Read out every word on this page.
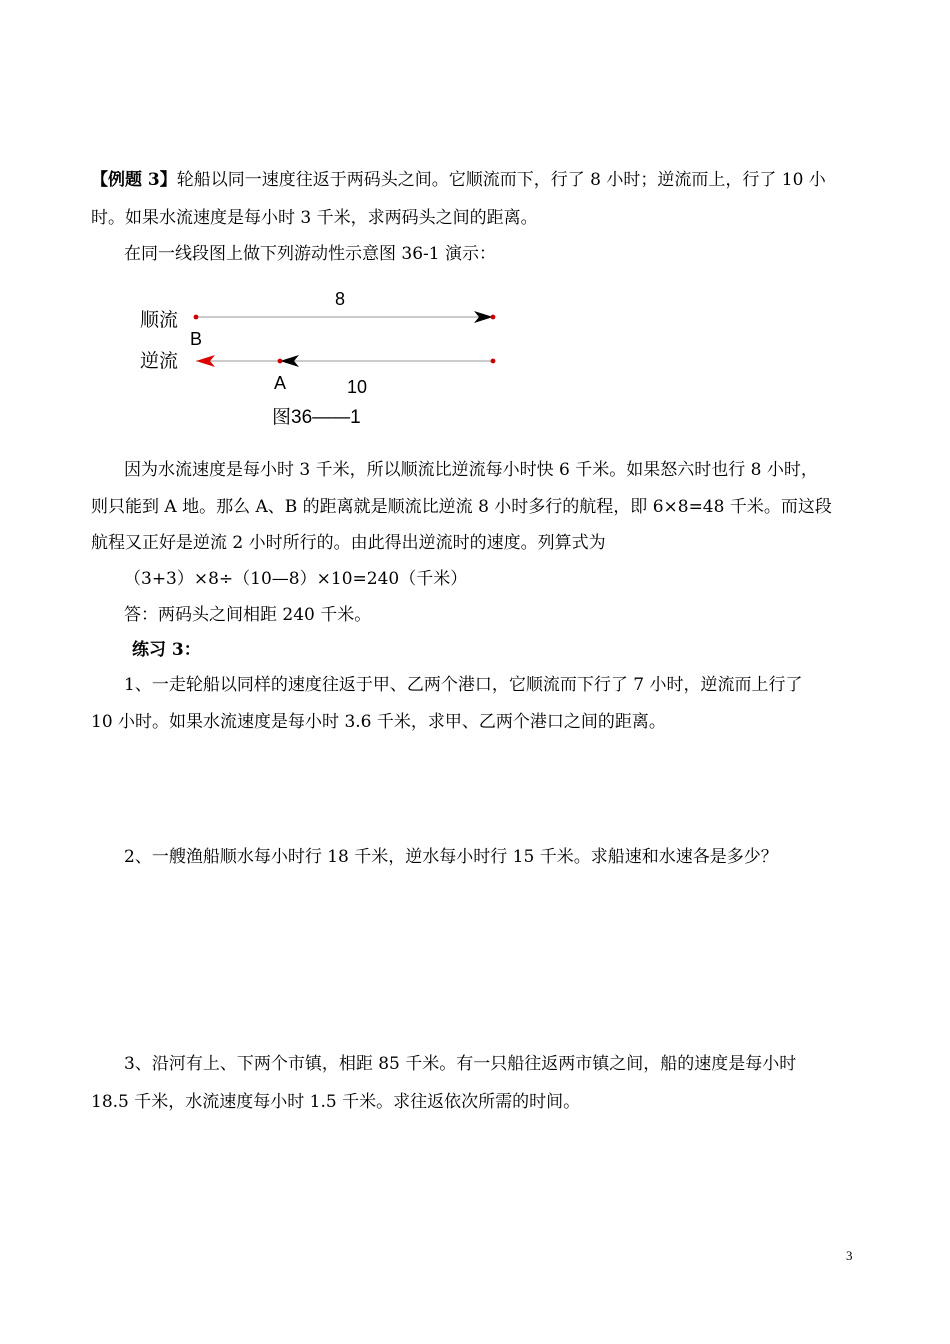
【例题 3】轮船以同一速度往返于两码头之间。它顺流而下，行了 8 小时；逆流而上，行了 10 小
时。如果水流速度是每小时 3 千米，求两码头之间的距离。
在同一线段图上做下列游动性示意图 36-1 演示：
8
顺流
B
逆流
A	10
图36——1
因为水流速度是每小时 3 千米，所以顺流比逆流每小时快 6 千米。如果怒六时也行 8 小时，
则只能到 A 地。那么 A、B 的距离就是顺流比逆流 8 小时多行的航程，即 6×8=48 千米。而这段
航程又正好是逆流 2 小时所行的。由此得出逆流时的速度。列算式为
（3+3）×8÷（10—8）×10=240（千米）
答：两码头之间相距 240 千米。
练习 3：
1、一走轮船以同样的速度往返于甲、乙两个港口，它顺流而下行了 7 小时，逆流而上行了
10 小时。如果水流速度是每小时 3.6 千米，求甲、乙两个港口之间的距离。
2、一艘渔船顺水每小时行 18 千米，逆水每小时行 15 千米。求船速和水速各是多少？
3、沿河有上、下两个市镇，相距 85 千米。有一只船往返两市镇之间，船的速度是每小时
18.5 千米，水流速度每小时 1.5 千米。求往返依次所需的时间。
3
